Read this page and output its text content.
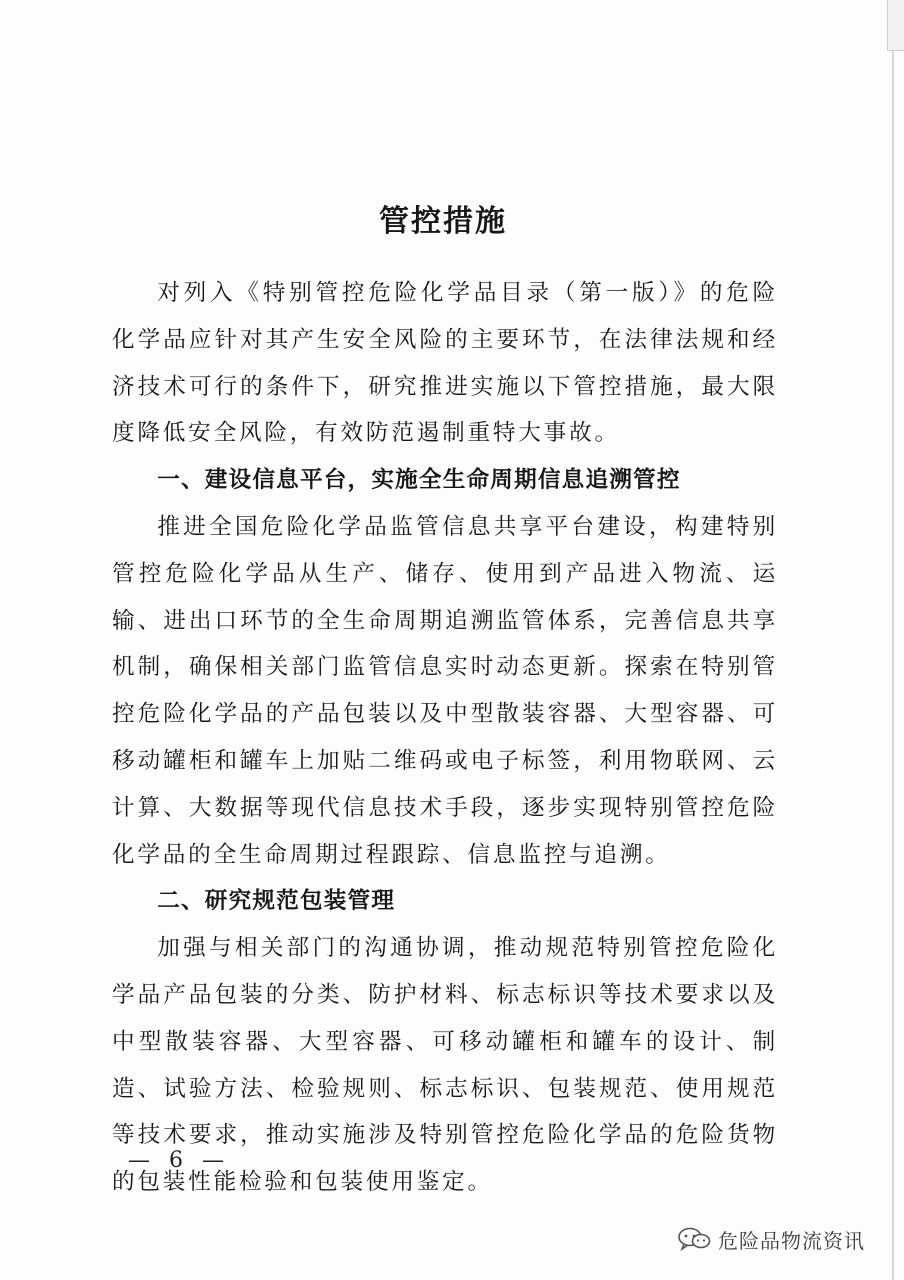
管控措施

对列入《特别管控危险化学品目录（第一版）》的危险化学品应针对其产生安全风险的主要环节，在法律法规和经济技术可行的条件下，研究推进实施以下管控措施，最大限度降低安全风险，有效防范遏制重特大事故。

一、建设信息平台，实施全生命周期信息追溯管控

推进全国危险化学品监管信息共享平台建设，构建特别管控危险化学品从生产、储存、使用到产品进入物流、运输、进出口环节的全生命周期追溯监管体系，完善信息共享机制，确保相关部门监管信息实时动态更新。探索在特别管控危险化学品的产品包装以及中型散装容器、大型容器、可移动罐柜和罐车上加贴二维码或电子标签，利用物联网、云计算、大数据等现代信息技术手段，逐步实现特别管控危险化学品的全生命周期过程跟踪、信息监控与追溯。

二、研究规范包装管理

加强与相关部门的沟通协调，推动规范特别管控危险化学品产品包装的分类、防护材料、标志标识等技术要求以及中型散装容器、大型容器、可移动罐柜和罐车的设计、制造、试验方法、检验规则、标志标识、包装规范、使用规范等技术要求，推动实施涉及特别管控危险化学品的危险货物的包装性能检验和包装使用鉴定。

— 6 —
危险品物流资讯
